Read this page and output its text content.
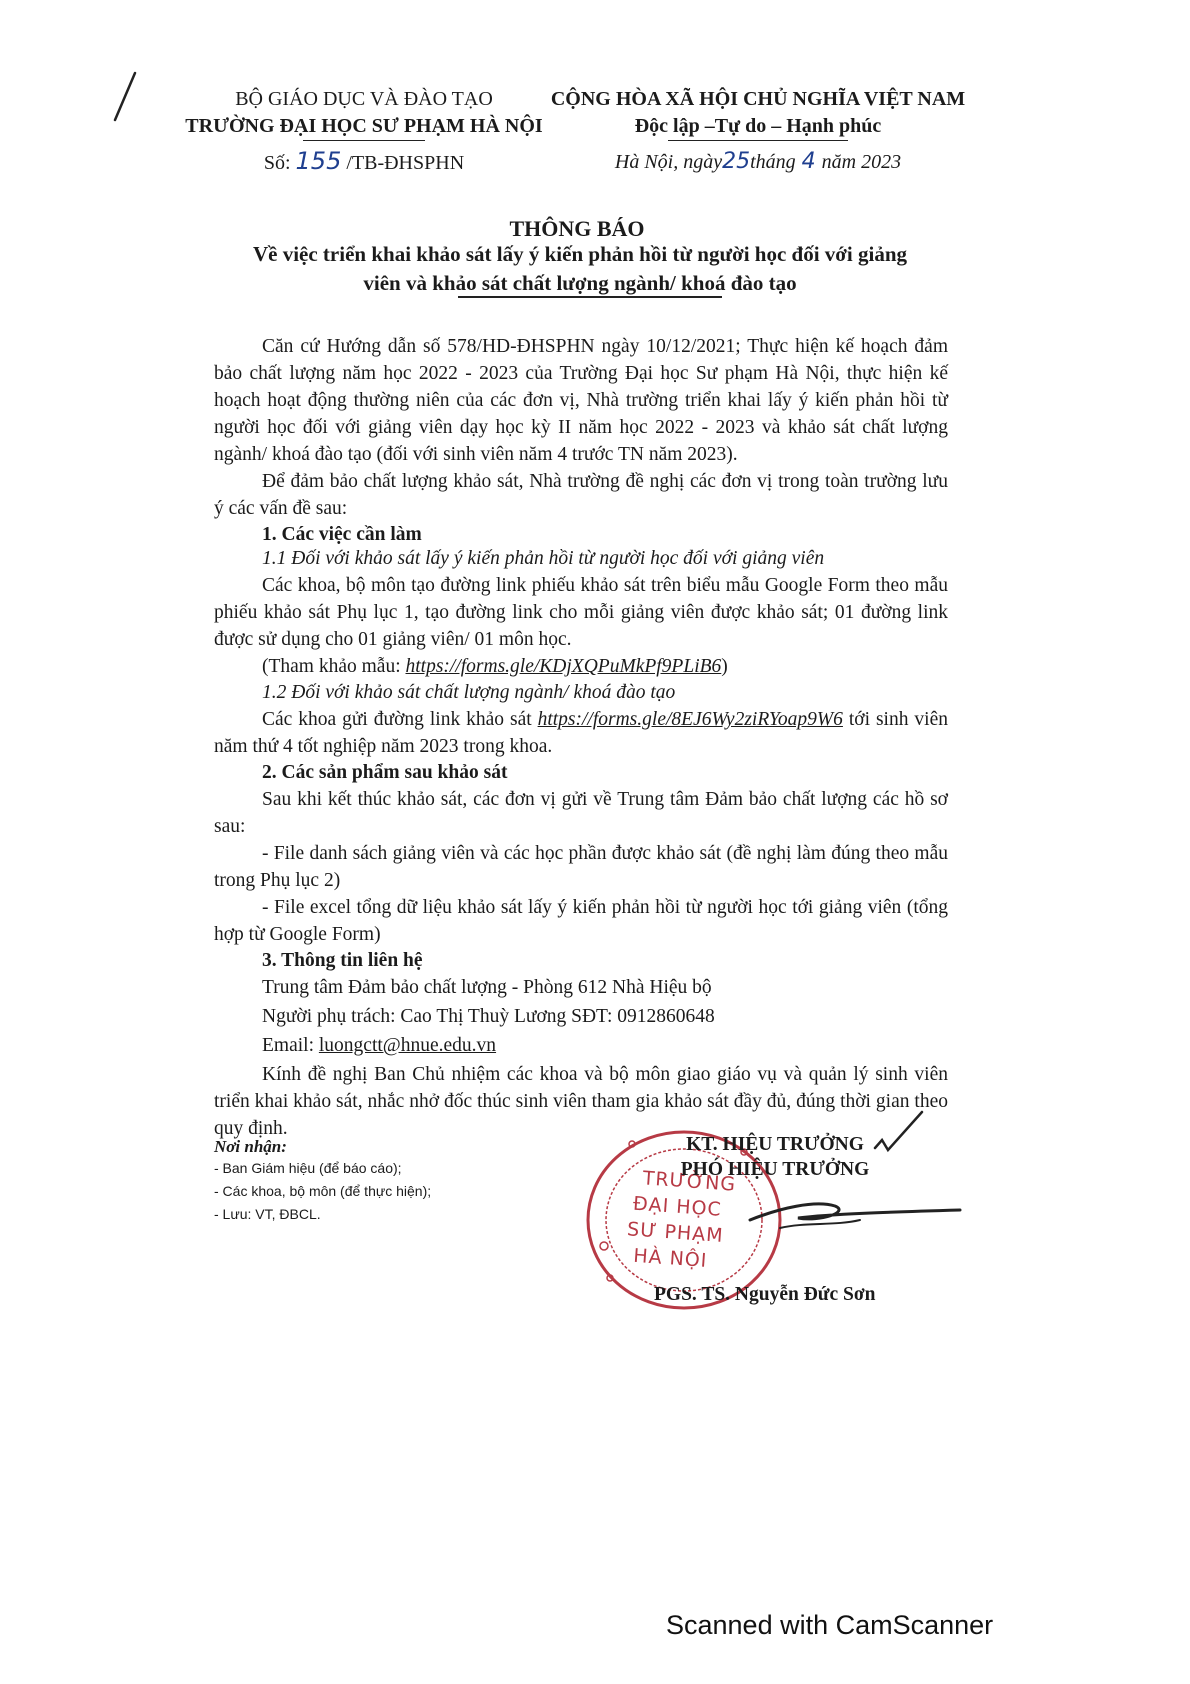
BỘ GIÁO DỤC VÀ ĐÀO TẠO
TRƯỜNG ĐẠI HỌC SƯ PHẠM HÀ NỘI
Số: 155 /TB-ĐHSPHN
CỘNG HÒA XÃ HỘI CHỦ NGHĨA VIỆT NAM
Độc lập –Tự do – Hạnh phúc
Hà Nội, ngày25tháng 4 năm 2023
THÔNG BÁO
Về việc triển khai khảo sát lấy ý kiến phản hồi từ người học đối với giảng
viên và khảo sát chất lượng ngành/ khoá đào tạo
Căn cứ Hướng dẫn số 578/HD-ĐHSPHN ngày 10/12/2021; Thực hiện kế hoạch đảm bảo chất lượng năm học 2022 - 2023 của Trường Đại học Sư phạm Hà Nội, thực hiện kế hoạch hoạt động thường niên của các đơn vị, Nhà trường triển khai lấy ý kiến phản hồi từ người học đối với giảng viên dạy học kỳ II năm học 2022 - 2023 và khảo sát chất lượng ngành/ khoá đào tạo (đối với sinh viên năm 4 trước TN năm 2023).
Để đảm bảo chất lượng khảo sát, Nhà trường đề nghị các đơn vị trong toàn trường lưu ý các vấn đề sau:
1. Các việc cần làm
1.1 Đối với khảo sát lấy ý kiến phản hồi từ người học đối với giảng viên
Các khoa, bộ môn tạo đường link phiếu khảo sát trên biểu mẫu Google Form theo mẫu phiếu khảo sát Phụ lục 1, tạo đường link cho mỗi giảng viên được khảo sát; 01 đường link được sử dụng cho 01 giảng viên/ 01 môn học.
(Tham khảo mẫu: https://forms.gle/KDjXQPuMkPf9PLiB6)
1.2 Đối với khảo sát chất lượng ngành/ khoá đào tạo
Các khoa gửi đường link khảo sát https://forms.gle/8EJ6Wy2ziRYoap9W6 tới sinh viên năm thứ 4 tốt nghiệp năm 2023 trong khoa.
2. Các sản phẩm sau khảo sát
Sau khi kết thúc khảo sát, các đơn vị gửi về Trung tâm Đảm bảo chất lượng các hồ sơ sau:
- File danh sách giảng viên và các học phần được khảo sát (đề nghị làm đúng theo mẫu trong Phụ lục 2)
- File excel tổng dữ liệu khảo sát lấy ý kiến phản hồi từ người học tới giảng viên (tổng hợp từ Google Form)
3. Thông tin liên hệ
Trung tâm Đảm bảo chất lượng - Phòng 612 Nhà Hiệu bộ
Người phụ trách: Cao Thị Thuỳ Lương SĐT: 0912860648
Email: luongctt@hnue.edu.vn
Kính đề nghị Ban Chủ nhiệm các khoa và bộ môn giao giáo vụ và quản lý sinh viên triển khai khảo sát, nhắc nhở đốc thúc sinh viên tham gia khảo sát đầy đủ, đúng thời gian theo quy định.
Nơi nhận:
- Ban Giám hiệu (để báo cáo);
- Các khoa, bộ môn (để thực hiện);
- Lưu: VT, ĐBCL.
TRƯỜNG
ĐẠI HỌC
SƯ PHẠM
HÀ NỘI
KT. HIỆU TRƯỞNG
PHÓ HIỆU TRƯỞNG
PGS. TS. Nguyễn Đức Sơn
Scanned with CamScanner
